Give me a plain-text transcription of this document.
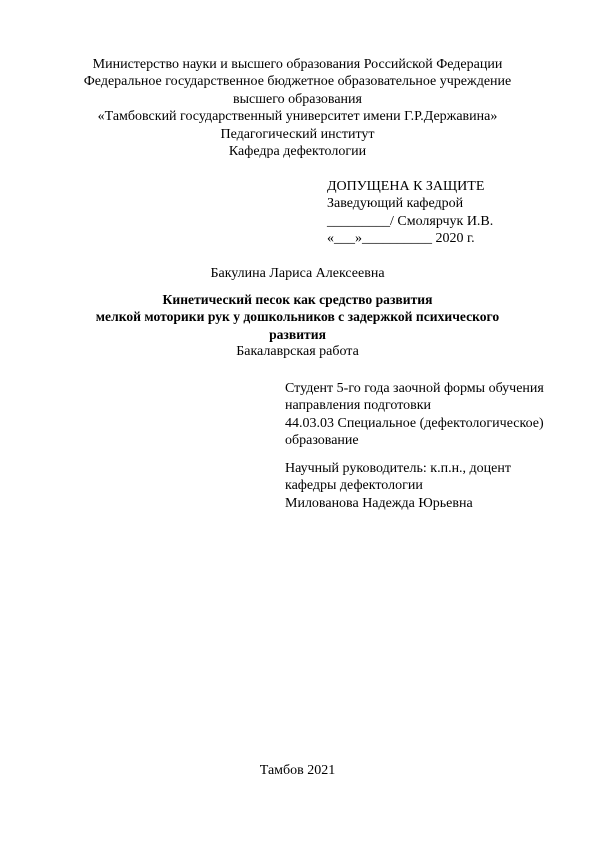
Министерство науки и высшего образования Российской Федерации
Федеральное государственное бюджетное образовательное учреждение
высшего образования
«Тамбовский государственный университет имени Г.Р.Державина»
Педагогический институт
Кафедра дефектологии
ДОПУЩЕНА К ЗАЩИТЕ
Заведующий кафедрой
_________/ Смолярчук И.В.
«___»__________ 2020 г.
Бакулина Лариса Алексеевна
Кинетический песок как средство развития
мелкой моторики рук у дошкольников с задержкой психического
развития
Бакалаврская работа
Студент 5-го года заочной формы обучения
направления подготовки
44.03.03 Специальное (дефектологическое)
образование
Научный руководитель: к.п.н., доцент
кафедры дефектологии
Милованова Надежда Юрьевна
Тамбов 2021
